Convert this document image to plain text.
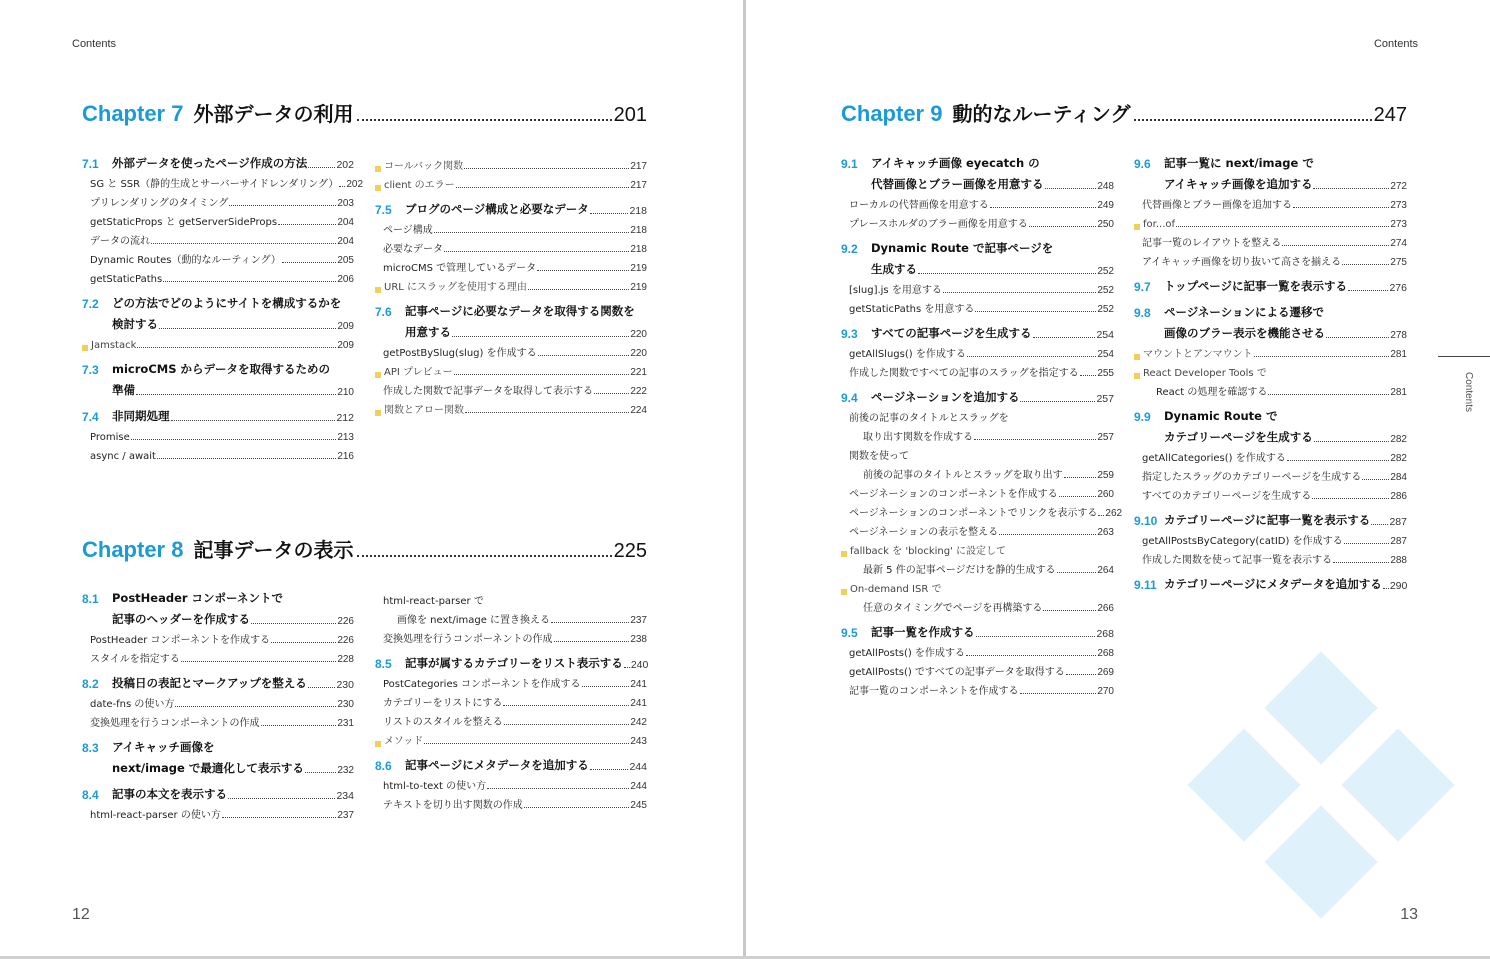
Contents
Chapter 7 外部データの利用	201
7.1	外部データを使ったページ作成の方法	202
SG と SSR（静的生成とサーバーサイドレンダリング） 202
プリレンダリングのタイミング	203
getStaticProps と getServerSideProps	204
データの流れ	204
Dynamic Routes（動的なルーティング）	205
getStaticPaths	206
7.2	どの方法でどのようにサイトを構成するかを
検討する	209
Jamstack	209
7.3	microCMS からデータを取得するための
準備	210
7.4	非同期処理	212
Promise	213
async / await	216
コールバック関数	217
client のエラー	217
7.5	ブログのページ構成と必要なデータ	218
ページ構成	218
必要なデータ	218
microCMS で管理しているデータ	219
URL にスラッグを使用する理由	219
7.6	記事ページに必要なデータを取得する関数を
用意する	220
getPostBySlug(slug) を作成する	220
API プレビュー	221
作成した関数で記事データを取得して表示する	222
関数とアロー関数	224
Chapter 8 記事データの表示	225
8.1	PostHeader コンポーネントで
記事のヘッダーを作成する	226
PostHeader コンポーネントを作成する	226
スタイルを指定する	228
8.2	投稿日の表記とマークアップを整える	230
date-fns の使い方	230
変換処理を行うコンポーネントの作成	231
8.3	アイキャッチ画像を
next/image で最適化して表示する	232
8.4	記事の本文を表示する	234
html-react-parser の使い方	237
html-react-parser で
画像を next/image に置き換える	237
変換処理を行うコンポーネントの作成	238
8.5	記事が属するカテゴリーをリスト表示する 240
PostCategories コンポーネントを作成する	241
カテゴリーをリストにする	241
リストのスタイルを整える	242
メソッド	243
8.6	記事ページにメタデータを追加する	244
html-to-text の使い方	244
テキストを切り出す関数の作成	245
12
Contents
Chapter 9 動的なルーティング	247
9.1	アイキャッチ画像 eyecatch の
代替画像とブラー画像を用意する	248
ローカルの代替画像を用意する	249
プレースホルダのブラー画像を用意する	250
9.2	Dynamic Route で記事ページを
生成する	252
[slug].js を用意する	252
getStaticPaths を用意する	252
9.3	すべての記事ページを生成する	254
getAllSlugs() を作成する	254
作成した関数ですべての記事のスラッグを指定する 255
9.4	ページネーションを追加する	257
前後の記事のタイトルとスラッグを
取り出す関数を作成する	257
関数を使って
前後の記事のタイトルとスラッグを取り出す	259
ページネーションのコンポーネントを作成する	260
ページネーションのコンポーネントでリンクを表示する 262
ページネーションの表示を整える	263
fallback を 'blocking' に設定して
最新 5 件の記事ページだけを静的生成する	264
On-demand ISR で
任意のタイミングでページを再構築する	266
9.5	記事一覧を作成する	268
getAllPosts() を作成する	268
getAllPosts() ですべての記事データを取得する	269
記事一覧のコンポーネントを作成する	270
9.6	記事一覧に next/image で
アイキャッチ画像を追加する	272
代替画像とブラー画像を追加する	273
for...of	273
記事一覧のレイアウトを整える	274
アイキャッチ画像を切り抜いて高さを揃える	275
9.7	トップページに記事一覧を表示する	276
9.8	ページネーションによる遷移で
画像のブラー表示を機能させる	278
マウントとアンマウント	281
React Developer Tools で
React の処理を確認する	281
9.9	Dynamic Route で
カテゴリーページを生成する	282
getAllCategories() を作成する	282
指定したスラッグのカテゴリーページを生成する	284
すべてのカテゴリーページを生成する	286
9.10 カテゴリーページに記事一覧を表示する 287
getAllPostsByCategory(catID) を作成する	287
作成した関数を使って記事一覧を表示する	288
9.11 カテゴリーページにメタデータを追加する 290
Contents
13
